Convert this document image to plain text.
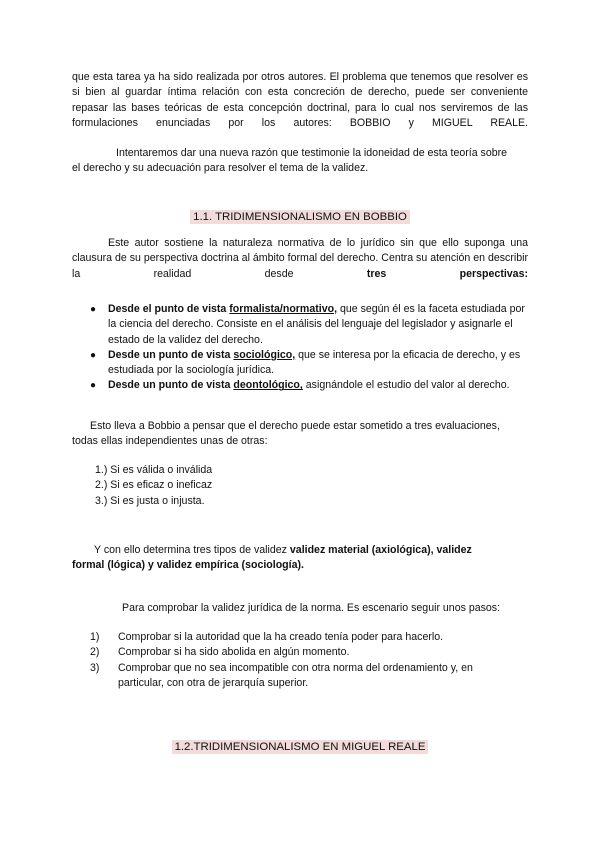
que esta tarea ya ha sido realizada por otros autores. El problema que tenemos que resolver es si bien al guardar íntima relación con esta concreción de derecho, puede ser conveniente repasar las bases teóricas de esta concepción doctrinal, para lo cual nos serviremos de las formulaciones enunciadas por los autores: BOBBIO y MIGUEL REALE.

Intentaremos dar una nueva razón que testimonie la idoneidad de esta teoría sobre

el derecho y su adecuación para resolver el tema de la validez.

1.1. TRIDIMENSIONALISMO EN BOBBIO

Este autor sostiene la naturaleza normativa de lo jurídico sin que ello suponga una clausura de su perspectiva doctrina al ámbito formal del derecho. Centra su atención en describir la realidad desde	tres perspectivas:

● Desde el punto de vista formalista/normativo, que según él es la faceta estudiada por la ciencia del derecho. Consiste en el análisis del lenguaje del legislador y asignarle el estado de la validez del derecho.
● Desde un punto de vista sociológico, que se interesa por la eficacia de derecho, y es estudiada por la sociología jurídica.
● Desde un punto de vista deontológico, asignándole el estudio del valor al derecho.

Esto lleva a Bobbio a pensar que el derecho puede estar sometido a tres evaluaciones,

todas ellas independientes unas de otras:

1.) Si es válida o inválida
2.) Si es eficaz o ineficaz
3.) Si es justa o injusta.

Y con ello determina tres tipos de validez validez material (axiológica), validez

formal (lógica) y validez empírica (sociología).

Para comprobar la validez jurídica de la norma. Es escenario seguir unos pasos:

1) Comprobar si la autoridad que la ha creado tenía poder para hacerlo.
2) Comprobar si ha sido abolida en algún momento.
3) Comprobar que no sea incompatible con otra norma del ordenamiento y, en particular, con otra de jerarquía superior.
1.2.TRIDIMENSIONALISMO EN MIGUEL REALE
